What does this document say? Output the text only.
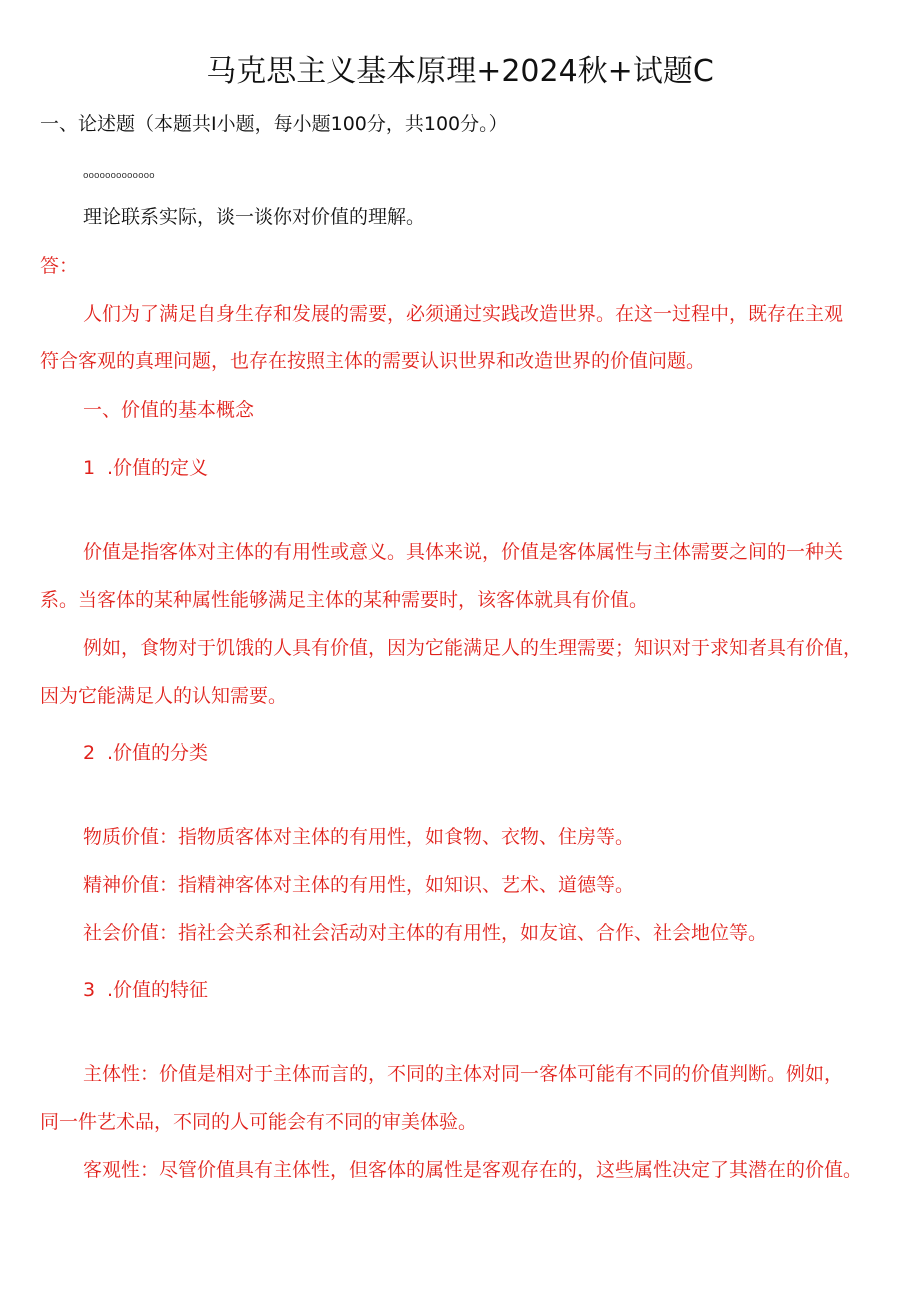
马克思主义基本原理+2024秋+试题C
一、论述题（本题共I小题，每小题100分，共100分。）
ooooooooooooo
理论联系实际，谈一谈你对价值的理解。
答：
人们为了满足自身生存和发展的需要，必须通过实践改造世界。在这一过程中，既存在主观
符合客观的真理问题，也存在按照主体的需要认识世界和改造世界的价值问题。
一、价值的基本概念
1 .价值的定义
价值是指客体对主体的有用性或意义。具体来说，价值是客体属性与主体需要之间的一种关
系。当客体的某种属性能够满足主体的某种需要时，该客体就具有价值。
例如，食物对于饥饿的人具有价值，因为它能满足人的生理需要；知识对于求知者具有价值，
因为它能满足人的认知需要。
2 .价值的分类
物质价值：指物质客体对主体的有用性，如食物、衣物、住房等。
精神价值：指精神客体对主体的有用性，如知识、艺术、道德等。
社会价值：指社会关系和社会活动对主体的有用性，如友谊、合作、社会地位等。
3 .价值的特征
主体性：价值是相对于主体而言的，不同的主体对同一客体可能有不同的价值判断。例如，
同一件艺术品，不同的人可能会有不同的审美体验。
客观性：尽管价值具有主体性，但客体的属性是客观存在的，这些属性决定了其潜在的价值。
